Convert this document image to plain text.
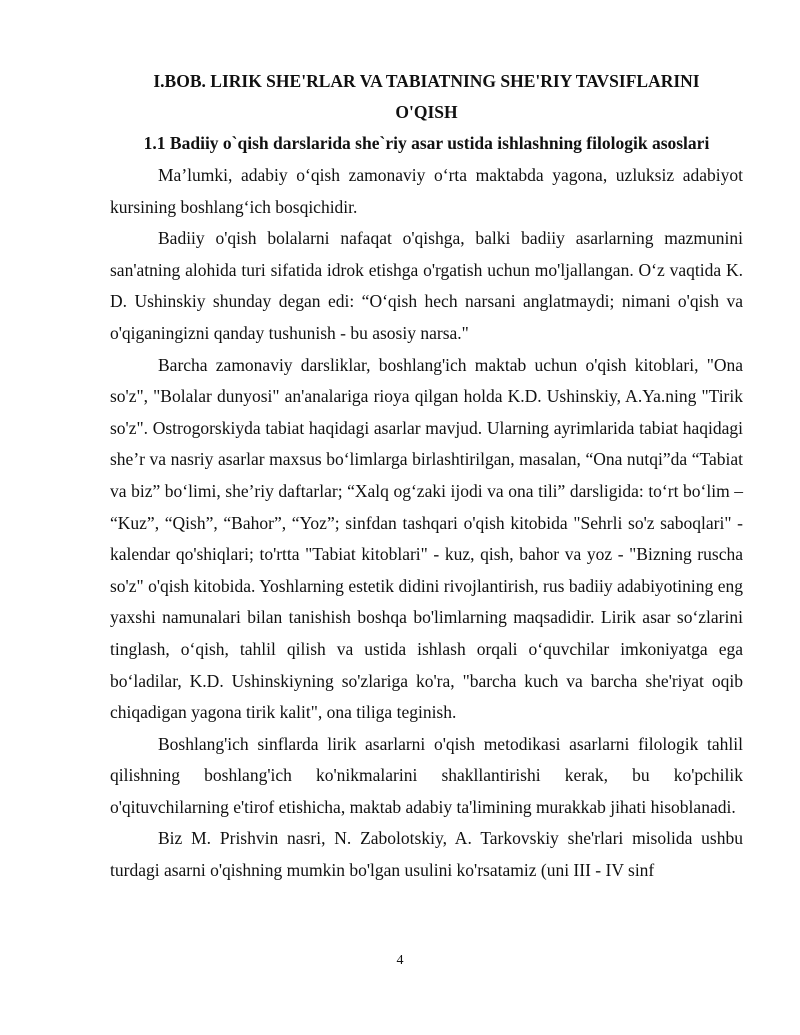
I.BOB. LIRIK SHE'RLAR VA TABIATNING SHE'RIY TAVSIFLARINI

O'QISH

1.1 Badiiy o`qish darslarida she`riy asar ustida ishlashning filologik asoslari

Ma’lumki, adabiy o‘qish zamonaviy o‘rta maktabda yagona, uzluksiz adabiyot kursining boshlang‘ich bosqichidir.

Badiiy o'qish bolalarni nafaqat o'qishga, balki badiiy asarlarning mazmunini san'atning alohida turi sifatida idrok etishga o'rgatish uchun mo'ljallangan. O‘z vaqtida K. D. Ushinskiy shunday degan edi: “O‘qish hech narsani anglatmaydi; nimani o'qish va o'qiganingizni qanday tushunish - bu asosiy narsa."

Barcha zamonaviy darsliklar, boshlang'ich maktab uchun o'qish kitoblari, "Ona so'z", "Bolalar dunyosi" an'analariga rioya qilgan holda K.D. Ushinskiy, A.Ya.ning "Tirik so'z". Ostrogorskiyda tabiat haqidagi asarlar mavjud. Ularning ayrimlarida tabiat haqidagi she’r va nasriy asarlar maxsus bo‘limlarga birlashtirilgan, masalan, “Ona nutqi”da “Tabiat va biz” bo‘limi, she’riy daftarlar; “Xalq og‘zaki ijodi va ona tili” darsligida: to‘rt bo‘lim – “Kuz”, “Qish”, “Bahor”, “Yoz”; sinfdan tashqari o'qish kitobida "Sehrli so'z saboqlari" - kalendar qo'shiqlari; to'rtta "Tabiat kitoblari" - kuz, qish, bahor va yoz - "Bizning ruscha so'z" o'qish kitobida. Yoshlarning estetik didini rivojlantirish, rus badiiy adabiyotining eng yaxshi namunalari bilan tanishish boshqa bo'limlarning maqsadidir. Lirik asar so‘zlarini tinglash, o‘qish, tahlil qilish va ustida ishlash orqali o‘quvchilar imkoniyatga ega bo‘ladilar, K.D. Ushinskiyning so'zlariga ko'ra, "barcha kuch va barcha she'riyat oqib chiqadigan yagona tirik kalit", ona tiliga teginish.

Boshlang'ich sinflarda lirik asarlarni o'qish metodikasi asarlarni filologik tahlil qilishning boshlang'ich ko'nikmalarini shakllantirishi kerak, bu ko'pchilik o'qituvchilarning e'tirof etishicha, maktab adabiy ta'limining murakkab jihati hisoblanadi.

Biz M. Prishvin nasri, N. Zabolotskiy, A. Tarkovskiy she'rlari misolida ushbu turdagi asarni o'qishning mumkin bo'lgan usulini ko'rsatamiz (uni III - IV sinf

4
